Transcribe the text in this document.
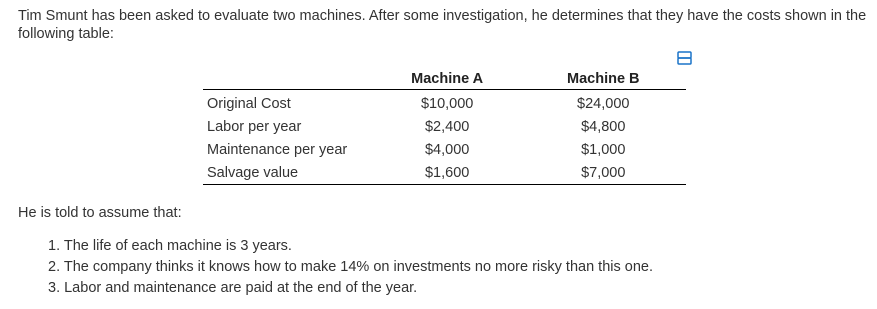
Tim Smunt has been asked to evaluate two machines. After some investigation, he determines that they have the costs shown in the following table:
	Machine A	Machine B
Original Cost	$10,000	$24,000
Labor per year	$2,400	$4,800
Maintenance per year	$4,000	$1,000
Salvage value	$1,600	$7,000
He is told to assume that:
1. The life of each machine is 3 years.
2. The company thinks it knows how to make 14% on investments no more risky than this one.
3. Labor and maintenance are paid at the end of the year.
